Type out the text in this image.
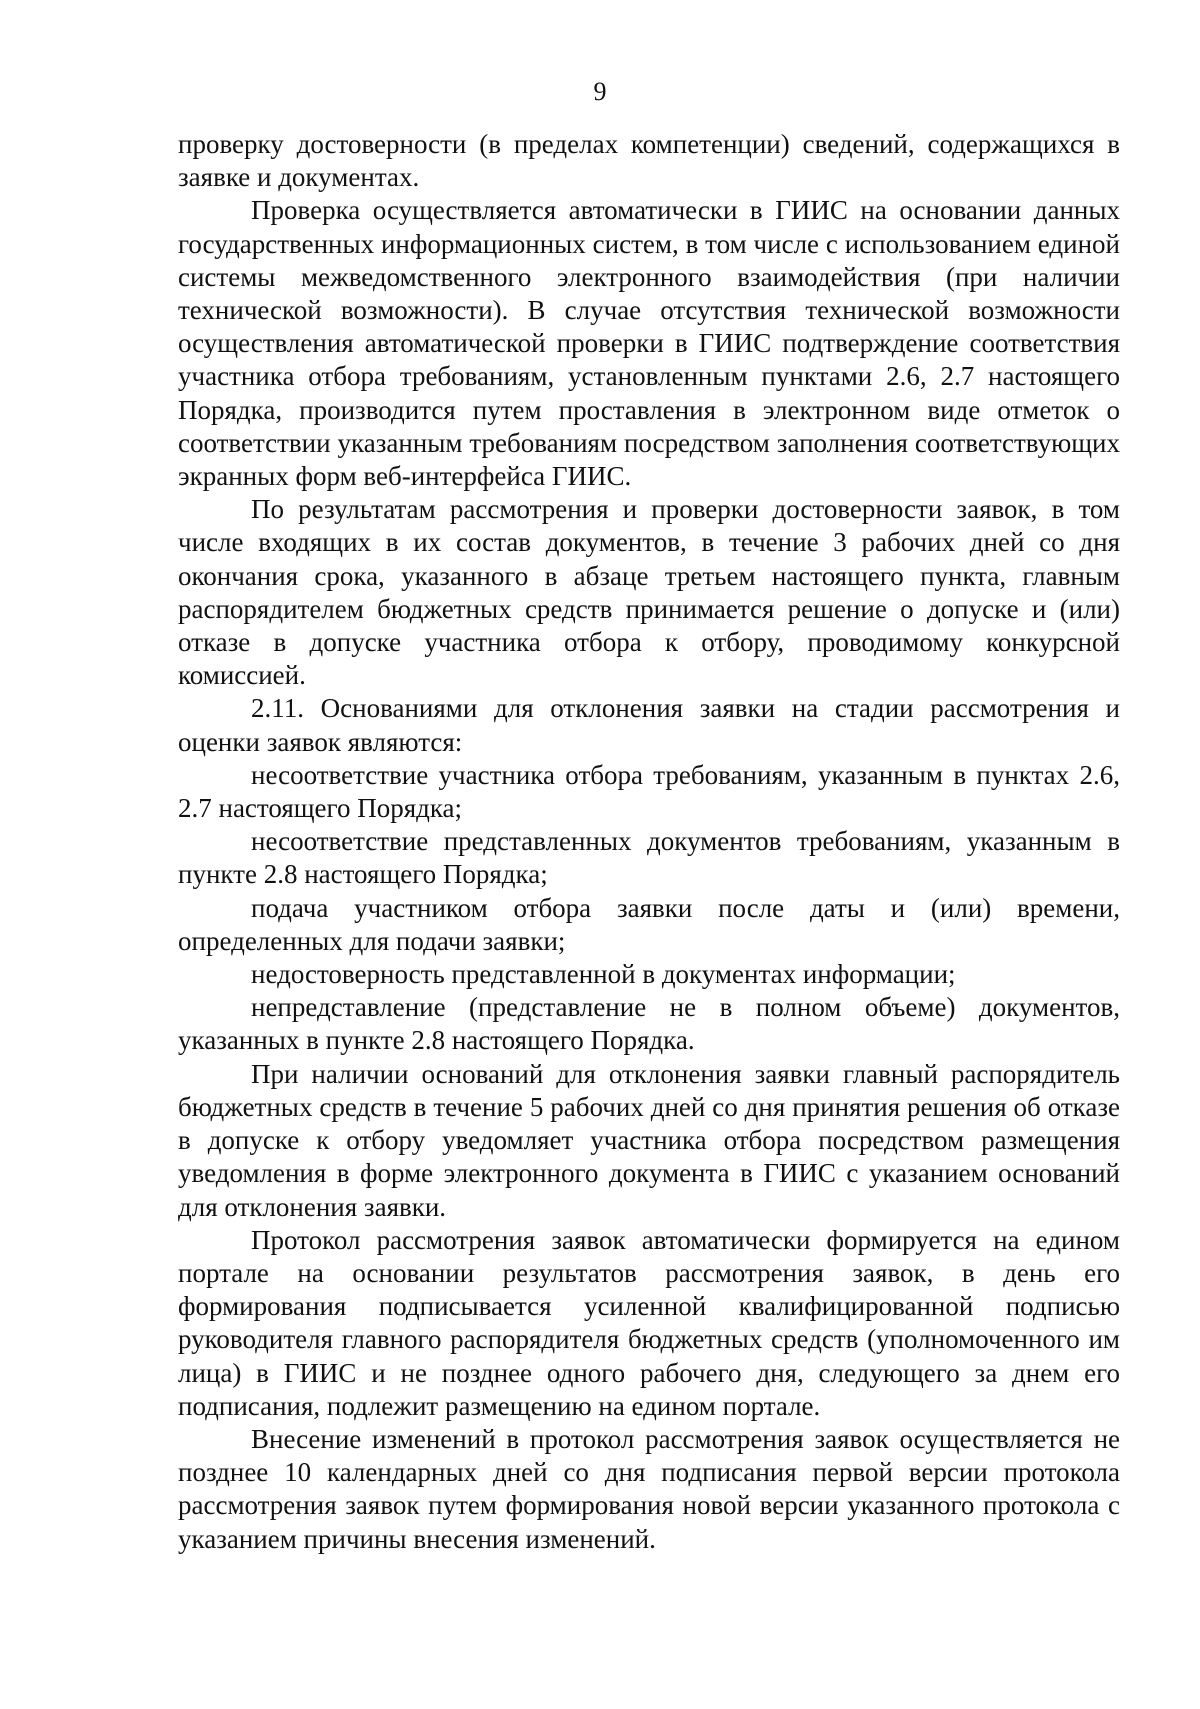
9

проверку достоверности (в пределах компетенции) сведений, содержащихся в заявке и документах.

Проверка осуществляется автоматически в ГИИС на основании данных государственных информационных систем, в том числе с использованием единой системы межведомственного электронного взаимодействия (при наличии технической возможности). В случае отсутствия технической возможности осуществления автоматической проверки в ГИИС подтверждение соответствия участника отбора требованиям, установленным пунктами 2.6, 2.7 настоящего Порядка, производится путем проставления в электронном виде отметок о соответствии указанным требованиям посредством заполнения соответствующих экранных форм веб-интерфейса ГИИС.

По результатам рассмотрения и проверки достоверности заявок, в том числе входящих в их состав документов, в течение 3 рабочих дней со дня окончания срока, указанного в абзаце третьем настоящего пункта, главным распорядителем бюджетных средств принимается решение о допуске и (или) отказе в допуске участника отбора к отбору, проводимому конкурсной комиссией.

2.11. Основаниями для отклонения заявки на стадии рассмотрения и оценки заявок являются:

несоответствие участника отбора требованиям, указанным в пунктах 2.6, 2.7 настоящего Порядка;

несоответствие представленных документов требованиям, указанным в пункте 2.8 настоящего Порядка;

подача участником отбора заявки после даты и (или) времени, определенных для подачи заявки;

недостоверность представленной в документах информации;

непредставление (представление не в полном объеме) документов, указанных в пункте 2.8 настоящего Порядка.

При наличии оснований для отклонения заявки главный распорядитель бюджетных средств в течение 5 рабочих дней со дня принятия решения об отказе в допуске к отбору уведомляет участника отбора посредством размещения уведомления в форме электронного документа в ГИИС с указанием оснований для отклонения заявки.

Протокол рассмотрения заявок автоматически формируется на едином портале на основании результатов рассмотрения заявок, в день его формирования подписывается усиленной квалифицированной подписью руководителя главного распорядителя бюджетных средств (уполномоченного им лица) в ГИИС и не позднее одного рабочего дня, следующего за днем его подписания, подлежит размещению на едином портале.

Внесение изменений в протокол рассмотрения заявок осуществляется не позднее 10 календарных дней со дня подписания первой версии протокола рассмотрения заявок путем формирования новой версии указанного протокола с указанием причины внесения изменений.
